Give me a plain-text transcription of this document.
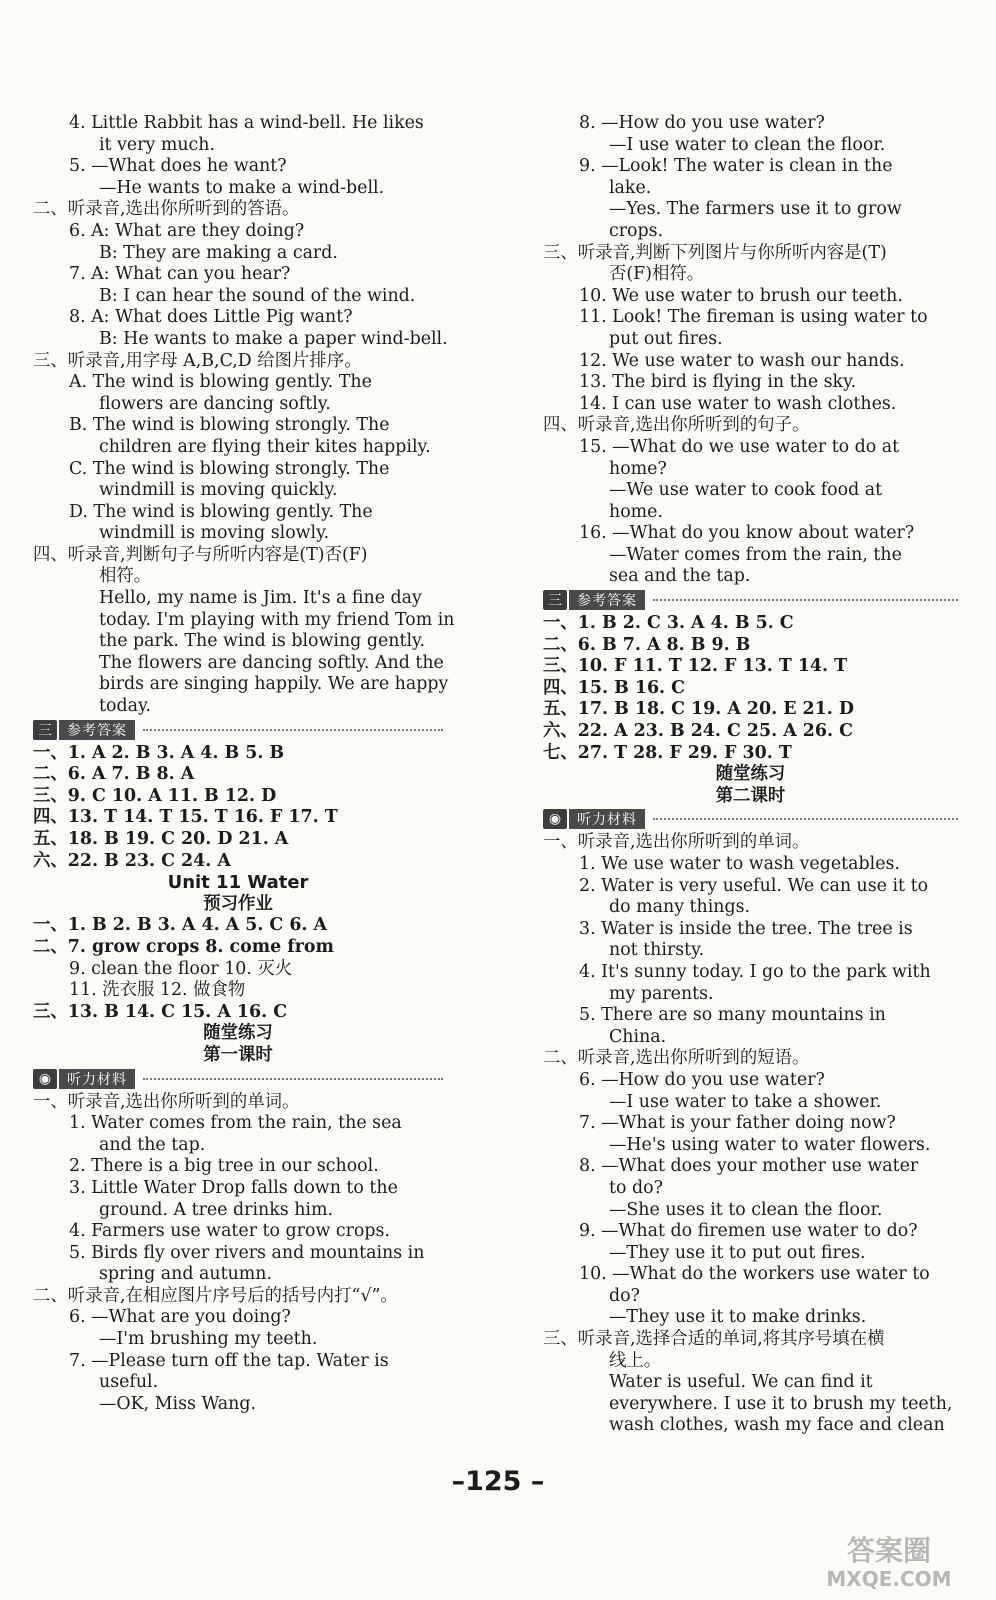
4. Little Rabbit has a wind-bell. He likes
it very much.
5. —What does he want?
—He wants to make a wind-bell.
二、听录音,选出你所听到的答语。
6. A: What are they doing?
B: They are making a card.
7. A: What can you hear?
B: I can hear the sound of the wind.
8. A: What does Little Pig want?
B: He wants to make a paper wind-bell.
三、听录音,用字母 A,B,C,D 给图片排序。
A. The wind is blowing gently. The
flowers are dancing softly.
B. The wind is blowing strongly. The
children are flying their kites happily.
C. The wind is blowing strongly. The
windmill is moving quickly.
D. The wind is blowing gently. The
windmill is moving slowly.
四、听录音,判断句子与所听内容是(T)否(F)
相符。
Hello, my name is Jim. It's a fine day
today. I'm playing with my friend Tom in
the park. The wind is blowing gently.
The flowers are dancing softly. And the
birds are singing happily. We are happy
today.
三	参考答案
一、1. A 2. B 3. A 4. B 5. B
二、6. A 7. B 8. A
三、9. C 10. A 11. B 12. D
四、13. T 14. T 15. T 16. F 17. T
五、18. B 19. C 20. D 21. A
六、22. B 23. C 24. A
Unit 11 Water
预习作业
一、1. B 2. B 3. A 4. A 5. C 6. A
二、7. grow crops 8. come from
9. clean the floor 10. 灭火
11. 洗衣服 12. 做食物
三、13. B 14. C 15. A 16. C
随堂练习
第一课时
◉	听力材料
一、听录音,选出你所听到的单词。
1. Water comes from the rain, the sea
and the tap.
2. There is a big tree in our school.
3. Little Water Drop falls down to the
ground. A tree drinks him.
4. Farmers use water to grow crops.
5. Birds fly over rivers and mountains in
spring and autumn.
二、听录音,在相应图片序号后的括号内打“√”。
6. —What are you doing?
—I'm brushing my teeth.
7. —Please turn off the tap. Water is
useful.
—OK, Miss Wang.
8. —How do you use water?
—I use water to clean the floor.
9. —Look! The water is clean in the
lake.
—Yes. The farmers use it to grow
crops.
三、听录音,判断下列图片与你所听内容是(T)
否(F)相符。
10. We use water to brush our teeth.
11. Look! The fireman is using water to
put out fires.
12. We use water to wash our hands.
13. The bird is flying in the sky.
14. I can use water to wash clothes.
四、听录音,选出你所听到的句子。
15. —What do we use water to do at
home?
—We use water to cook food at
home.
16. —What do you know about water?
—Water comes from the rain, the
sea and the tap.
三	参考答案
一、1. B 2. C 3. A 4. B 5. C
二、6. B 7. A 8. B 9. B
三、10. F 11. T 12. F 13. T 14. T
四、15. B 16. C
五、17. B 18. C 19. A 20. E 21. D
六、22. A 23. B 24. C 25. A 26. C
七、27. T 28. F 29. F 30. T
随堂练习
第二课时
◉	听力材料
一、听录音,选出你所听到的单词。
1. We use water to wash vegetables.
2. Water is very useful. We can use it to
do many things.
3. Water is inside the tree. The tree is
not thirsty.
4. It's sunny today. I go to the park with
my parents.
5. There are so many mountains in
China.
二、听录音,选出你所听到的短语。
6. —How do you use water?
—I use water to take a shower.
7. —What is your father doing now?
—He's using water to water flowers.
8. —What does your mother use water
to do?
—She uses it to clean the floor.
9. —What do firemen use water to do?
—They use it to put out fires.
10. —What do the workers use water to
do?
—They use it to make drinks.
三、听录音,选择合适的单词,将其序号填在横
线上。
Water is useful. We can find it
everywhere. I use it to brush my teeth,
wash clothes, wash my face and clean
–125 –
答案圈
MXQE.COM
